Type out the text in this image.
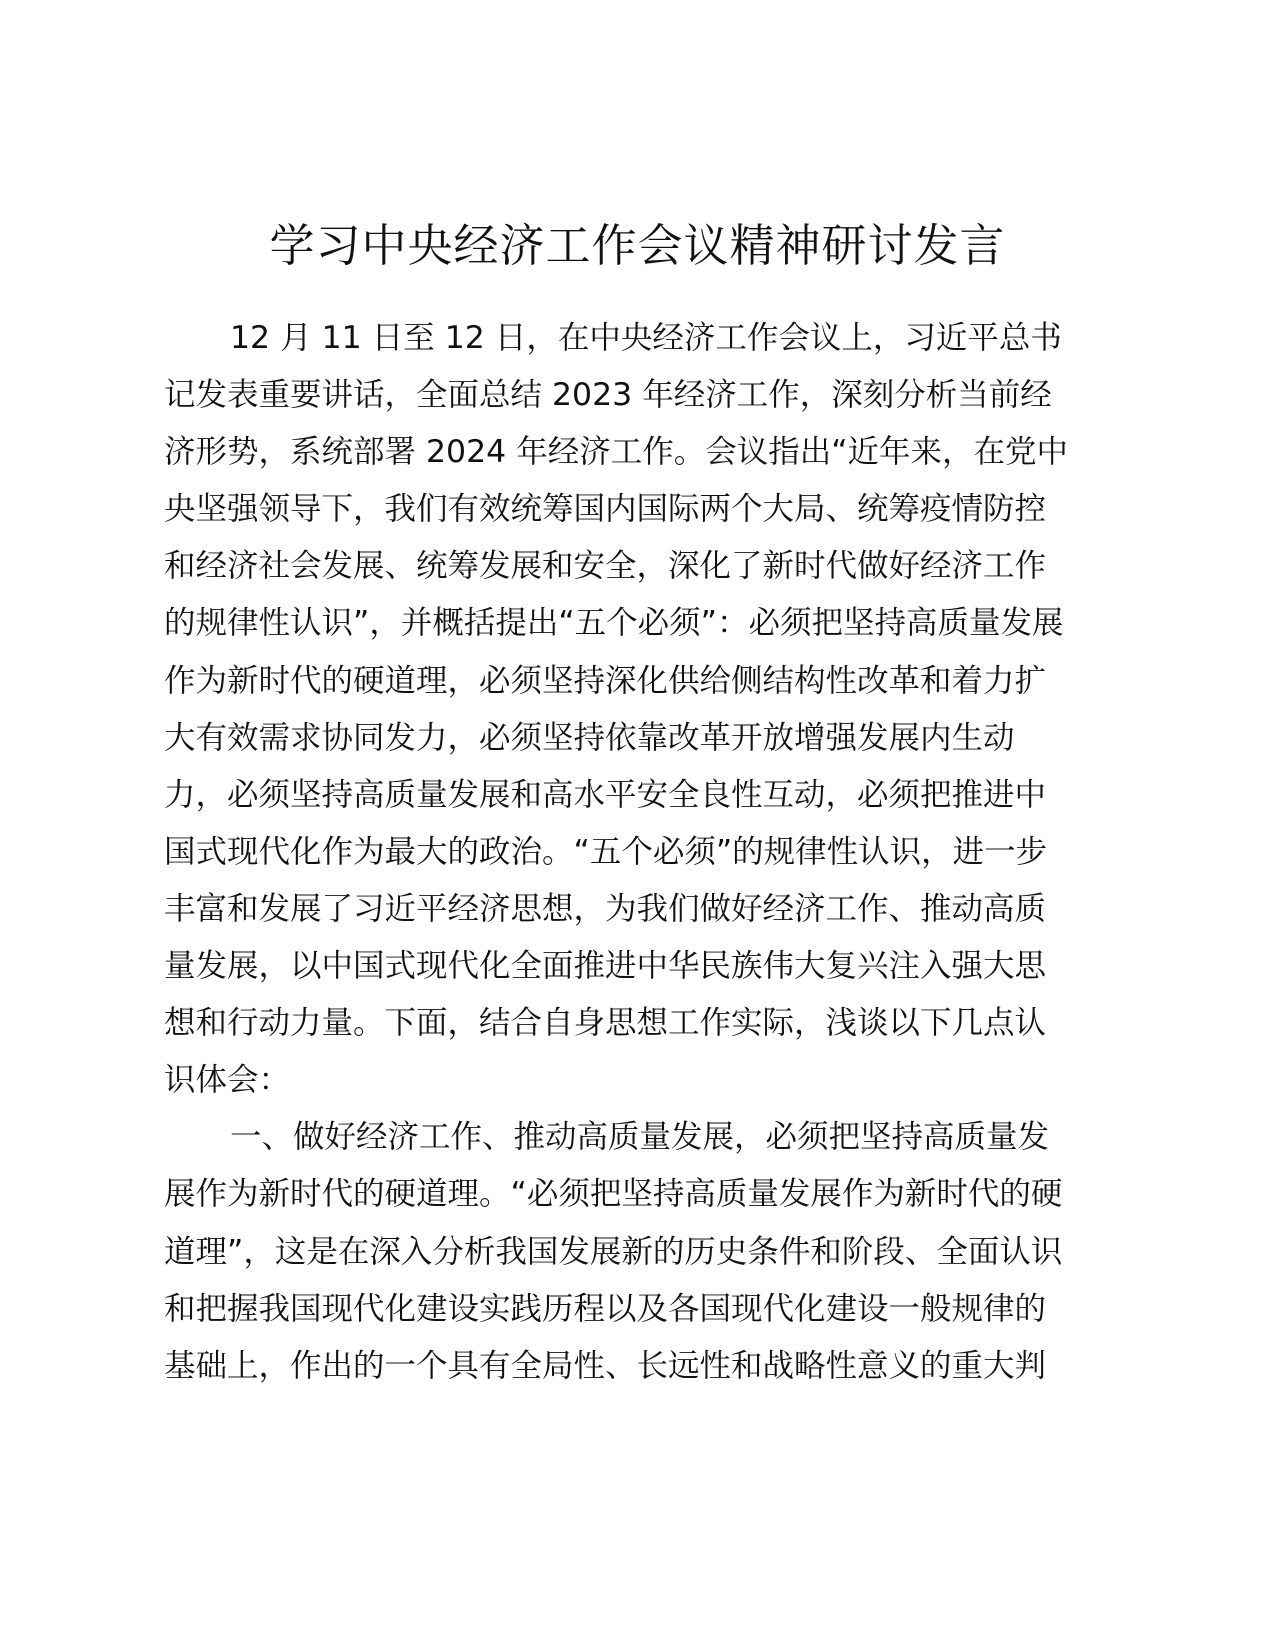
学习中央经济工作会议精神研讨发言

12 月 11 日至 12 日，在中央经济工作会议上，习近平总书

记发表重要讲话，全面总结 2023 年经济工作，深刻分析当前经

济形势，系统部署 2024 年经济工作。会议指出“近年来，在党中

央坚强领导下，我们有效统筹国内国际两个大局、统筹疫情防控

和经济社会发展、统筹发展和安全，深化了新时代做好经济工作

的规律性认识”，并概括提出“五个必须”：必须把坚持高质量发展

作为新时代的硬道理，必须坚持深化供给侧结构性改革和着力扩

大有效需求协同发力，必须坚持依靠改革开放增强发展内生动

力，必须坚持高质量发展和高水平安全良性互动，必须把推进中

国式现代化作为最大的政治。“五个必须”的规律性认识，进一步

丰富和发展了习近平经济思想，为我们做好经济工作、推动高质

量发展，以中国式现代化全面推进中华民族伟大复兴注入强大思

想和行动力量。下面，结合自身思想工作实际，浅谈以下几点认

识体会：

一、做好经济工作、推动高质量发展，必须把坚持高质量发

展作为新时代的硬道理。“必须把坚持高质量发展作为新时代的硬

道理”，这是在深入分析我国发展新的历史条件和阶段、全面认识

和把握我国现代化建设实践历程以及各国现代化建设一般规律的

基础上，作出的一个具有全局性、长远性和战略性意义的重大判
